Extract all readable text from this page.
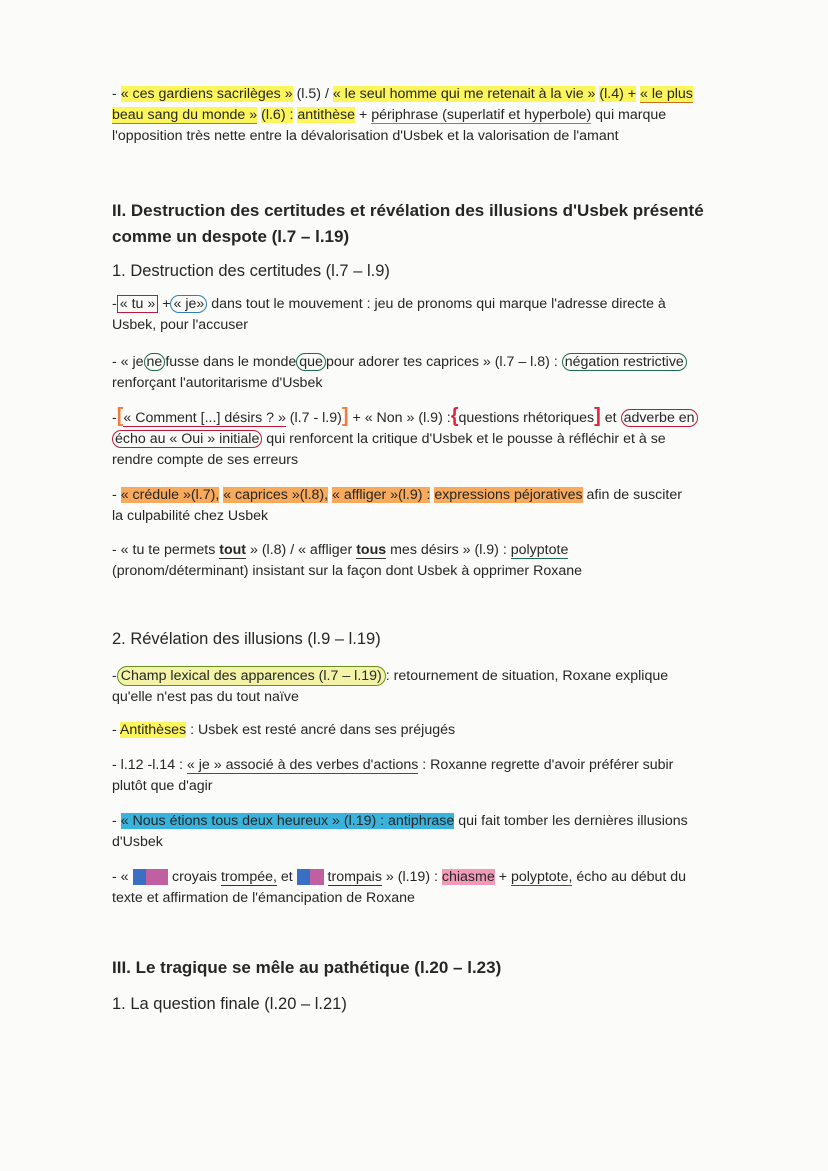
- « ces gardiens sacrilèges » (l.5) / « le seul homme qui me retenait à la vie » (l.4) + « le plus
beau sang du monde » (l.6) : antithèse + périphrase (superlatif et hyperbole) qui marque
l'opposition très nette entre la dévalorisation d'Usbek et la valorisation de l'amant

II. Destruction des certitudes et révélation des illusions d'Usbek présenté

comme un despote (l.7 – l.19)

1. Destruction des certitudes (l.7 – l.9)

- « tu » + « je» dans tout le mouvement : jeu de pronoms qui marque l'adresse directe à
Usbek, pour l'accuser

- « je ne fusse dans le monde que pour adorer tes caprices » (l.7 – l.8) : négation restrictive
renforçant l'autoritarisme d'Usbek

-[« Comment [...] désirs ? » (l.7 - l.9)] + « Non » (l.9) :{questions rhétoriques] et adverbe en
écho au « Oui » initiale qui renforcent la critique d'Usbek et le pousse à réfléchir et à se
rendre compte de ses erreurs

- « crédule »(l.7), « caprices »(l.8), « affliger »(l.9) : expressions péjoratives afin de susciter
la culpabilité chez Usbek

- « tu te permets tout » (l.8) / « affliger tous mes désirs » (l.9) : polyptote
(pronom/déterminant) insistant sur la façon dont Usbek à opprimer Roxane

2. Révélation des illusions (l.9 – l.19)

- Champ lexical des apparences (l.7 – l.19) : retournement de situation, Roxane explique
qu'elle n'est pas du tout naïve

- Antithèses : Usbek est resté ancré dans ses préjugés

- l.12 -l.14 : « je » associé à des verbes d'actions : Roxanne regrette d'avoir préférer subir
plutôt que d'agir

- « Nous étions tous deux heureux » (l.19) : antiphrase qui fait tomber les dernières illusions
d'Usbek

- « tu me croyais trompée, et je te trompais » (l.19) : chiasme + polyptote, écho au début du
texte et affirmation de l'émancipation de Roxane

III. Le tragique se mêle au pathétique (l.20 – l.23)
1. La question finale (l.20 – l.21)
